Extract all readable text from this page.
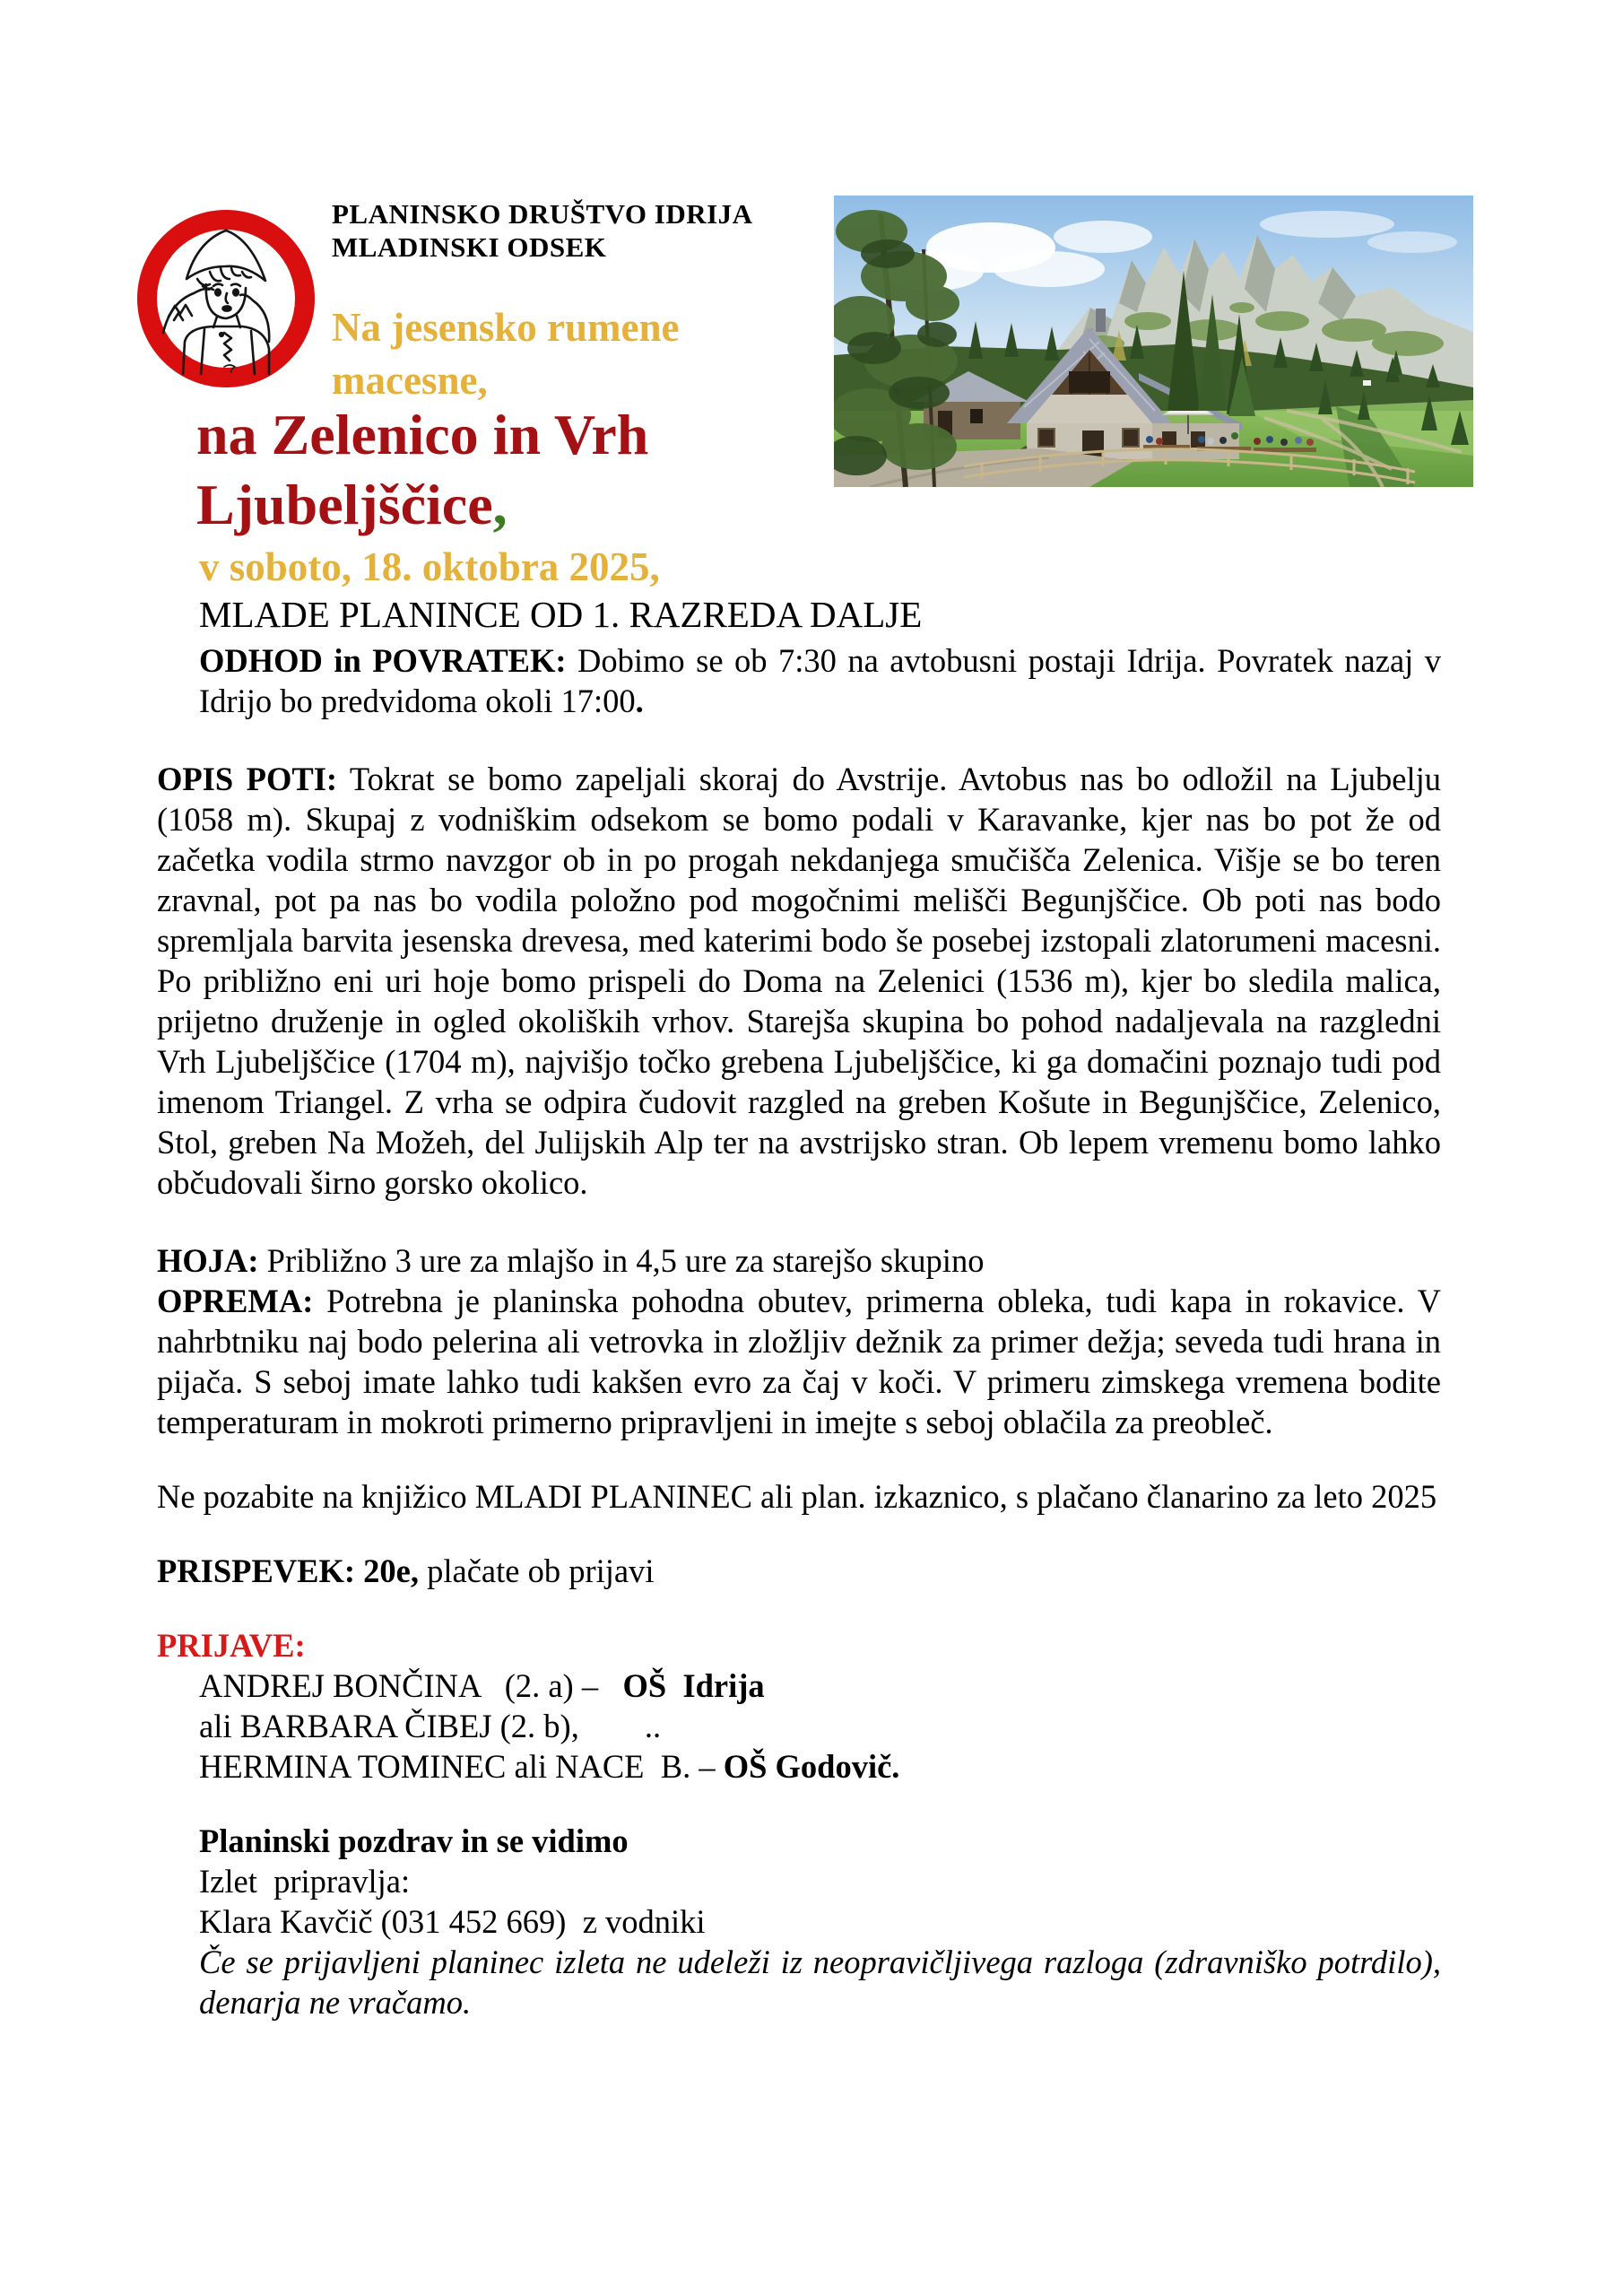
PLANINSKO DRUŠTVO IDRIJA
MLADINSKI ODSEK
Na jesensko rumene
macesne,
na Zelenico in Vrh
Ljubeljščice,
v soboto, 18. oktobra 2025,
MLADE PLANINCE OD 1. RAZREDA DALJE

ODHOD in POVRATEK: Dobimo se ob 7:30 na avtobusni postaji Idrija. Povratek nazaj v Idrijo bo predvidoma okoli 17:00.

OPIS POTI: Tokrat se bomo zapeljali skoraj do Avstrije. Avtobus nas bo odložil na Ljubelju (1058 m). Skupaj z vodniškim odsekom se bomo podali v Karavanke, kjer nas bo pot že od začetka vodila strmo navzgor ob in po progah nekdanjega smučišča Zelenica. Višje se bo teren zravnal, pot pa nas bo vodila položno pod mogočnimi melišči Begunjščice. Ob poti nas bodo spremljala barvita jesenska drevesa, med katerimi bodo še posebej izstopali zlatorumeni macesni. Po približno eni uri hoje bomo prispeli do Doma na Zelenici (1536 m), kjer bo sledila malica, prijetno druženje in ogled okoliških vrhov. Starejša skupina bo pohod nadaljevala na razgledni Vrh Ljubeljščice (1704 m), najvišjo točko grebena Ljubeljščice, ki ga domačini poznajo tudi pod imenom Triangel. Z vrha se odpira čudovit razgled na greben Košute in Begunjščice, Zelenico, Stol, greben Na Možeh, del Julijskih Alp ter na avstrijsko stran. Ob lepem vremenu bomo lahko občudovali širno gorsko okolico.

HOJA: Približno 3 ure za mlajšo in 4,5 ure za starejšo skupino

OPREMA: Potrebna je planinska pohodna obutev, primerna obleka, tudi kapa in rokavice. V nahrbtniku naj bodo pelerina ali vetrovka in zložljiv dežnik za primer dežja; seveda tudi hrana in pijača. S seboj imate lahko tudi kakšen evro za čaj v koči. V primeru zimskega vremena bodite temperaturam in mokroti primerno pripravljeni in imejte s seboj oblačila za preobleč.

Ne pozabite na knjižico MLADI PLANINEC ali plan. izkaznico, s plačano članarino za leto 2025

PRISPEVEK: 20e, plačate ob prijavi

PRIJAVE:

ANDREJ BONČINA   (2. a) –   OŠ  Idrija

ali BARBARA ČIBEJ (2. b),        ..

HERMINA TOMINEC ali NACE  B. – OŠ Godovič.

Planinski pozdrav in se vidimo

Izlet  pripravlja:

Klara Kavčič (031 452 669)  z vodniki

Če se prijavljeni planinec izleta ne udeleži iz neopravičljivega razloga (zdravniško potrdilo), denarja ne vračamo.
